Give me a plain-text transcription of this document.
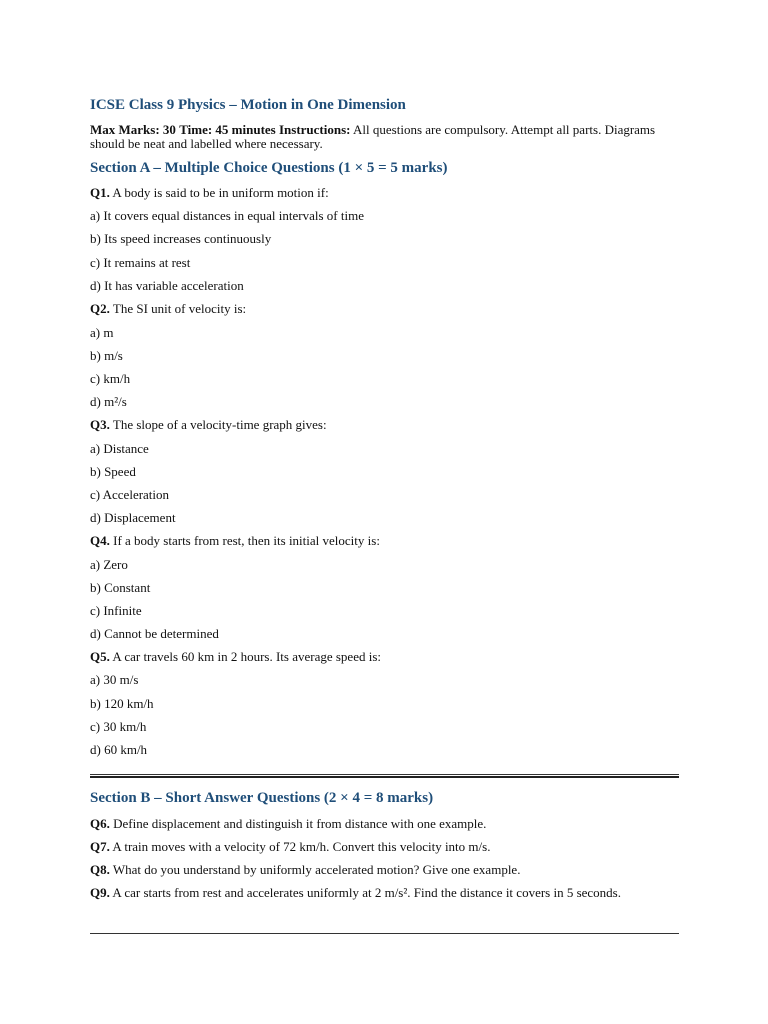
ICSE Class 9 Physics – Motion in One Dimension
Max Marks: 30 Time: 45 minutes Instructions: All questions are compulsory. Attempt all parts. Diagrams should be neat and labelled where necessary.
Section A – Multiple Choice Questions (1 × 5 = 5 marks)
Q1. A body is said to be in uniform motion if:
a) It covers equal distances in equal intervals of time
b) Its speed increases continuously
c) It remains at rest
d) It has variable acceleration
Q2. The SI unit of velocity is:
a) m
b) m/s
c) km/h
d) m²/s
Q3. The slope of a velocity-time graph gives:
a) Distance
b) Speed
c) Acceleration
d) Displacement
Q4. If a body starts from rest, then its initial velocity is:
a) Zero
b) Constant
c) Infinite
d) Cannot be determined
Q5. A car travels 60 km in 2 hours. Its average speed is:
a) 30 m/s
b) 120 km/h
c) 30 km/h
d) 60 km/h
Section B – Short Answer Questions (2 × 4 = 8 marks)
Q6. Define displacement and distinguish it from distance with one example.
Q7. A train moves with a velocity of 72 km/h. Convert this velocity into m/s.
Q8. What do you understand by uniformly accelerated motion? Give one example.
Q9. A car starts from rest and accelerates uniformly at 2 m/s². Find the distance it covers in 5 seconds.
